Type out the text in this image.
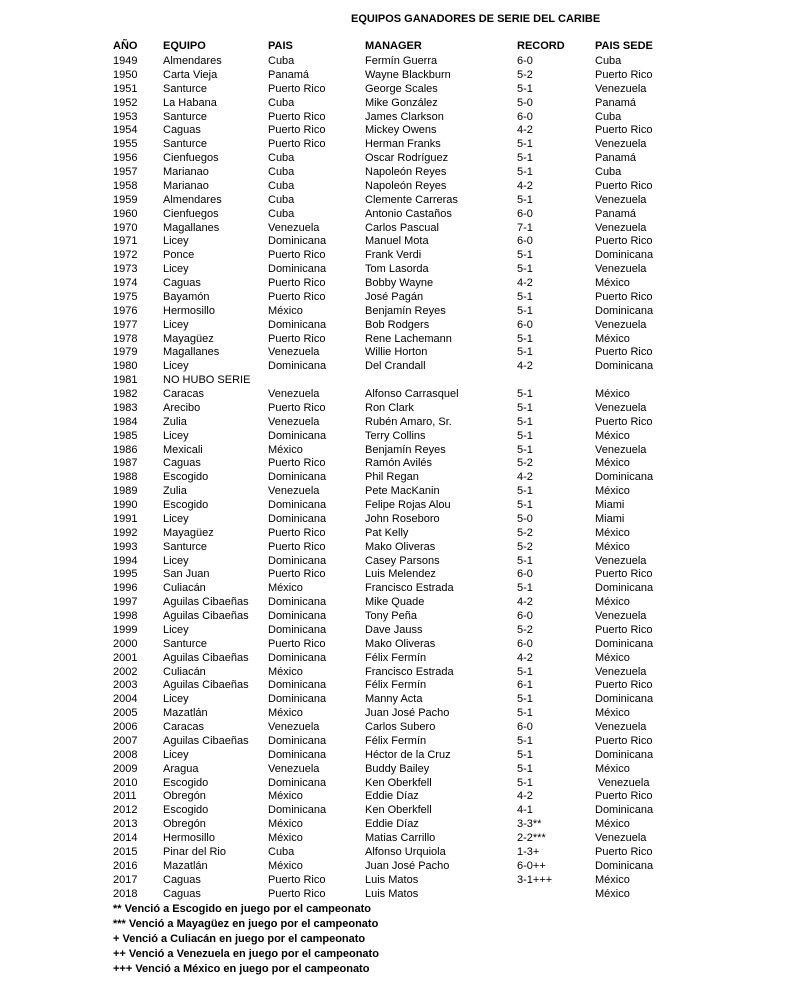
EQUIPOS GANADORES DE SERIE DEL CARIBE
AÑO	EQUIPO	PAIS	MANAGER	RECORD	PAIS SEDE
1949	Almendares	Cuba	Fermín Guerra	6-0	Cuba
1950	Carta Vieja	Panamá	Wayne Blackburn	5-2	Puerto Rico
1951	Santurce	Puerto Rico	George Scales	5-1	Venezuela
1952	La Habana	Cuba	Mike González	5-0	Panamá
1953	Santurce	Puerto Rico	James Clarkson	6-0	Cuba
1954	Caguas	Puerto Rico	Mickey Owens	4-2	Puerto Rico
1955	Santurce	Puerto Rico	Herman Franks	5-1	Venezuela
1956	Cienfuegos	Cuba	Oscar Rodríguez	5-1	Panamá
1957	Marianao	Cuba	Napoleón Reyes	5-1	Cuba
1958	Marianao	Cuba	Napoleón Reyes	4-2	Puerto Rico
1959	Almendares	Cuba	Clemente Carreras	5-1	Venezuela
1960	Cienfuegos	Cuba	Antonio Castaños	6-0	Panamá
1970	Magallanes	Venezuela	Carlos Pascual	7-1	Venezuela
1971	Licey	Dominicana	Manuel Mota	6-0	Puerto Rico
1972	Ponce	Puerto Rico	Frank Verdi	5-1	Dominicana
1973	Licey	Dominicana	Tom Lasorda	5-1	Venezuela
1974	Caguas	Puerto Rico	Bobby Wayne	4-2	México
1975	Bayamón	Puerto Rico	José Pagán	5-1	Puerto Rico
1976	Hermosillo	México	Benjamín Reyes	5-1	Dominicana
1977	Licey	Dominicana	Bob Rodgers	6-0	Venezuela
1978	Mayagüez	Puerto Rico	Rene Lachemann	5-1	México
1979	Magallanes	Venezuela	Willie Horton	5-1	Puerto Rico
1980	Licey	Dominicana	Del Crandall	4-2	Dominicana
1981	NO HUBO SERIE				
1982	Caracas	Venezuela	Alfonso Carrasquel	5-1	México
1983	Arecibo	Puerto Rico	Ron Clark	5-1	Venezuela
1984	Zulia	Venezuela	Rubén Amaro, Sr.	5-1	Puerto Rico
1985	Licey	Dominicana	Terry Collins	5-1	México
1986	Mexicali	México	Benjamín Reyes	5-1	Venezuela
1987	Caguas	Puerto Rico	Ramón Avilés	5-2	México
1988	Escogido	Dominicana	Phil Regan	4-2	Dominicana
1989	Zulia	Venezuela	Pete MacKanin	5-1	México
1990	Escogido	Dominicana	Felipe Rojas Alou	5-1	Miami
1991	Licey	Dominicana	John Roseboro	5-0	Miami
1992	Mayagüez	Puerto Rico	Pat Kelly	5-2	México
1993	Santurce	Puerto Rico	Mako Oliveras	5-2	México
1994	Licey	Dominicana	Casey Parsons	5-1	Venezuela
1995	San Juan	Puerto Rico	Luis Melendez	6-0	Puerto Rico
1996	Culiacán	México	Francisco Estrada	5-1	Dominicana
1997	Aguilas Cibaeñas	Dominicana	Mike Quade	4-2	México
1998	Aguilas Cibaeñas	Dominicana	Tony Peña	6-0	Venezuela
1999	Licey	Dominicana	Dave Jauss	5-2	Puerto Rico
2000	Santurce	Puerto Rico	Mako Oliveras	6-0	Dominicana
2001	Aguilas Cibaeñas	Dominicana	Félix Fermín	4-2	México
2002	Culiacán	México	Francisco Estrada	5-1	Venezuela
2003	Aguilas Cibaeñas	Dominicana	Félix Fermín	6-1	Puerto Rico
2004	Licey	Dominicana	Manny Acta	5-1	Dominicana
2005	Mazatlán	México	Juan José Pacho	5-1	México
2006	Caracas	Venezuela	Carlos Subero	6-0	Venezuela
2007	Aguilas Cibaeñas	Dominicana	Félix Fermín	5-1	Puerto Rico
2008	Licey	Dominicana	Héctor de la Cruz	5-1	Dominicana
2009	Aragua	Venezuela	Buddy Bailey	5-1	México
2010	Escogido	Dominicana	Ken Oberkfell	5-1	Venezuela
2011	Obregón	México	Eddie Díaz	4-2	Puerto Rico
2012	Escogido	Dominicana	Ken Oberkfell	4-1	Dominicana
2013	Obregón	México	Eddie Díaz	3-3**	México
2014	Hermosillo	México	Matias Carrillo	2-2***	Venezuela
2015	Pinar del Rio	Cuba	Alfonso Urquiola	1-3+	Puerto Rico
2016	Mazatlán	México	Juan José Pacho	6-0++	Dominicana
2017	Caguas	Puerto Rico	Luis Matos	3-1+++	México
2018	Caguas	Puerto Rico	Luis Matos		México

** Venció a Escogido en juego por el campeonato

*** Venció a Mayagüez en juego por el campeonato

+ Venció a Culiacán en juego por el campeonato

++ Venció a Venezuela en juego por el campeonato

+++ Venció a México en juego por el campeonato
